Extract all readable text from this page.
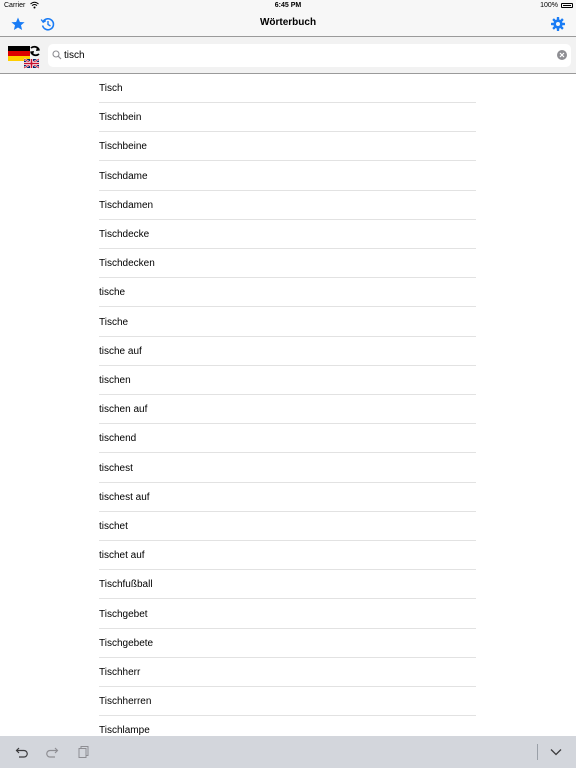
Carrier	6:45 PM	100%
Wörterbuch
tisch
Tisch
Tischbein
Tischbeine
Tischdame
Tischdamen
Tischdecke
Tischdecken
tische
Tische
tische auf
tischen
tischen auf
tischend
tischest
tischest auf
tischet
tischet auf
Tischfußball
Tischgebet
Tischgebete
Tischherr
Tischherren
Tischlampe
